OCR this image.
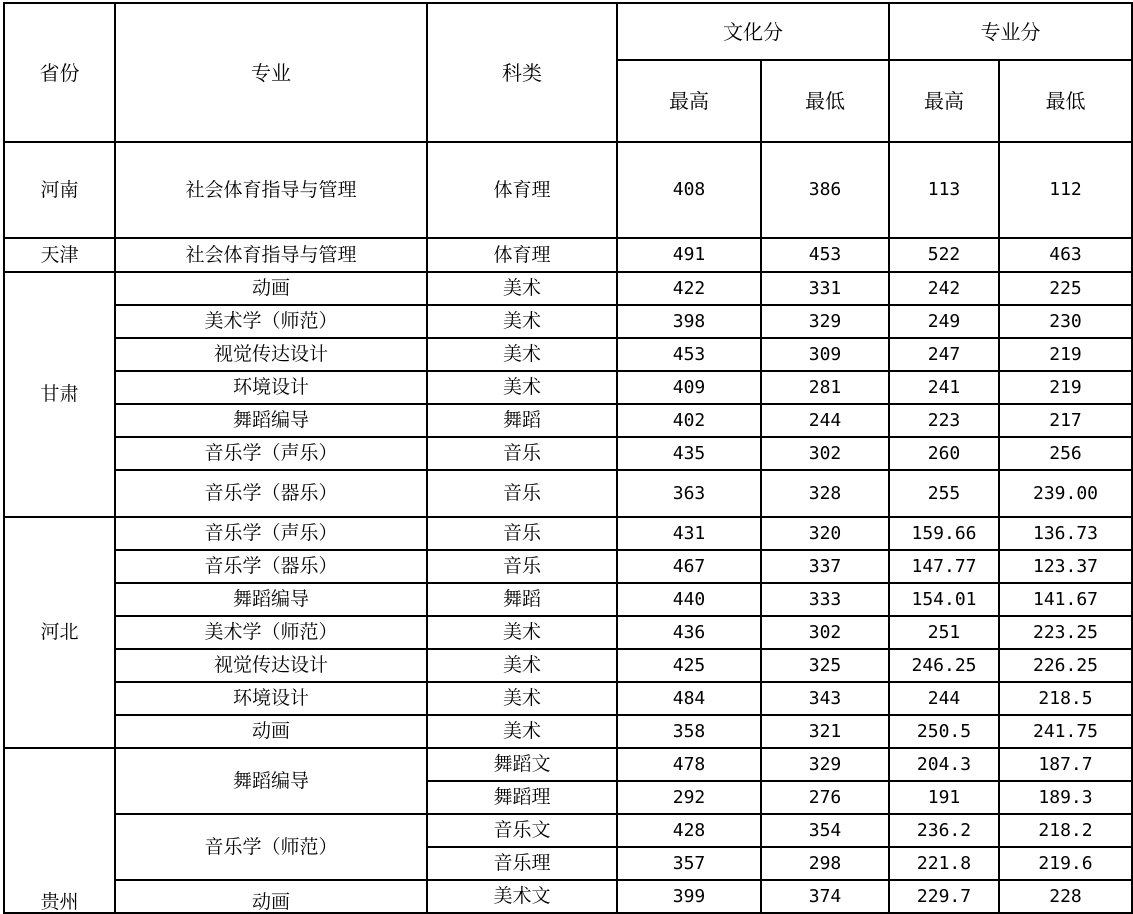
省份	专业	科类	文化分		专业分	
			最高	最低	最高	最低
河南	社会体育指导与管理	体育理	408	386	113	112
天津	社会体育指导与管理	体育理	491	453	522	463
甘肃	动画	美术	422	331	242	225
	美术学（师范）	美术	398	329	249	230
	视觉传达设计	美术	453	309	247	219
	环境设计	美术	409	281	241	219
	舞蹈编导	舞蹈	402	244	223	217
	音乐学（声乐）	音乐	435	302	260	256
	音乐学（器乐）	音乐	363	328	255	239.00
河北	音乐学（声乐）	音乐	431	320	159.66	136.73
	音乐学（器乐）	音乐	467	337	147.77	123.37
	舞蹈编导	舞蹈	440	333	154.01	141.67
	美术学（师范）	美术	436	302	251	223.25
	视觉传达设计	美术	425	325	246.25	226.25
	环境设计	美术	484	343	244	218.5
	动画	美术	358	321	250.5	241.75
贵州	舞蹈编导	舞蹈文	478	329	204.3	187.7
		舞蹈理	292	276	191	189.3
	音乐学（师范）	音乐文	428	354	236.2	218.2
		音乐理	357	298	221.8	219.6
	动画	美术文	399	374	229.7	228
